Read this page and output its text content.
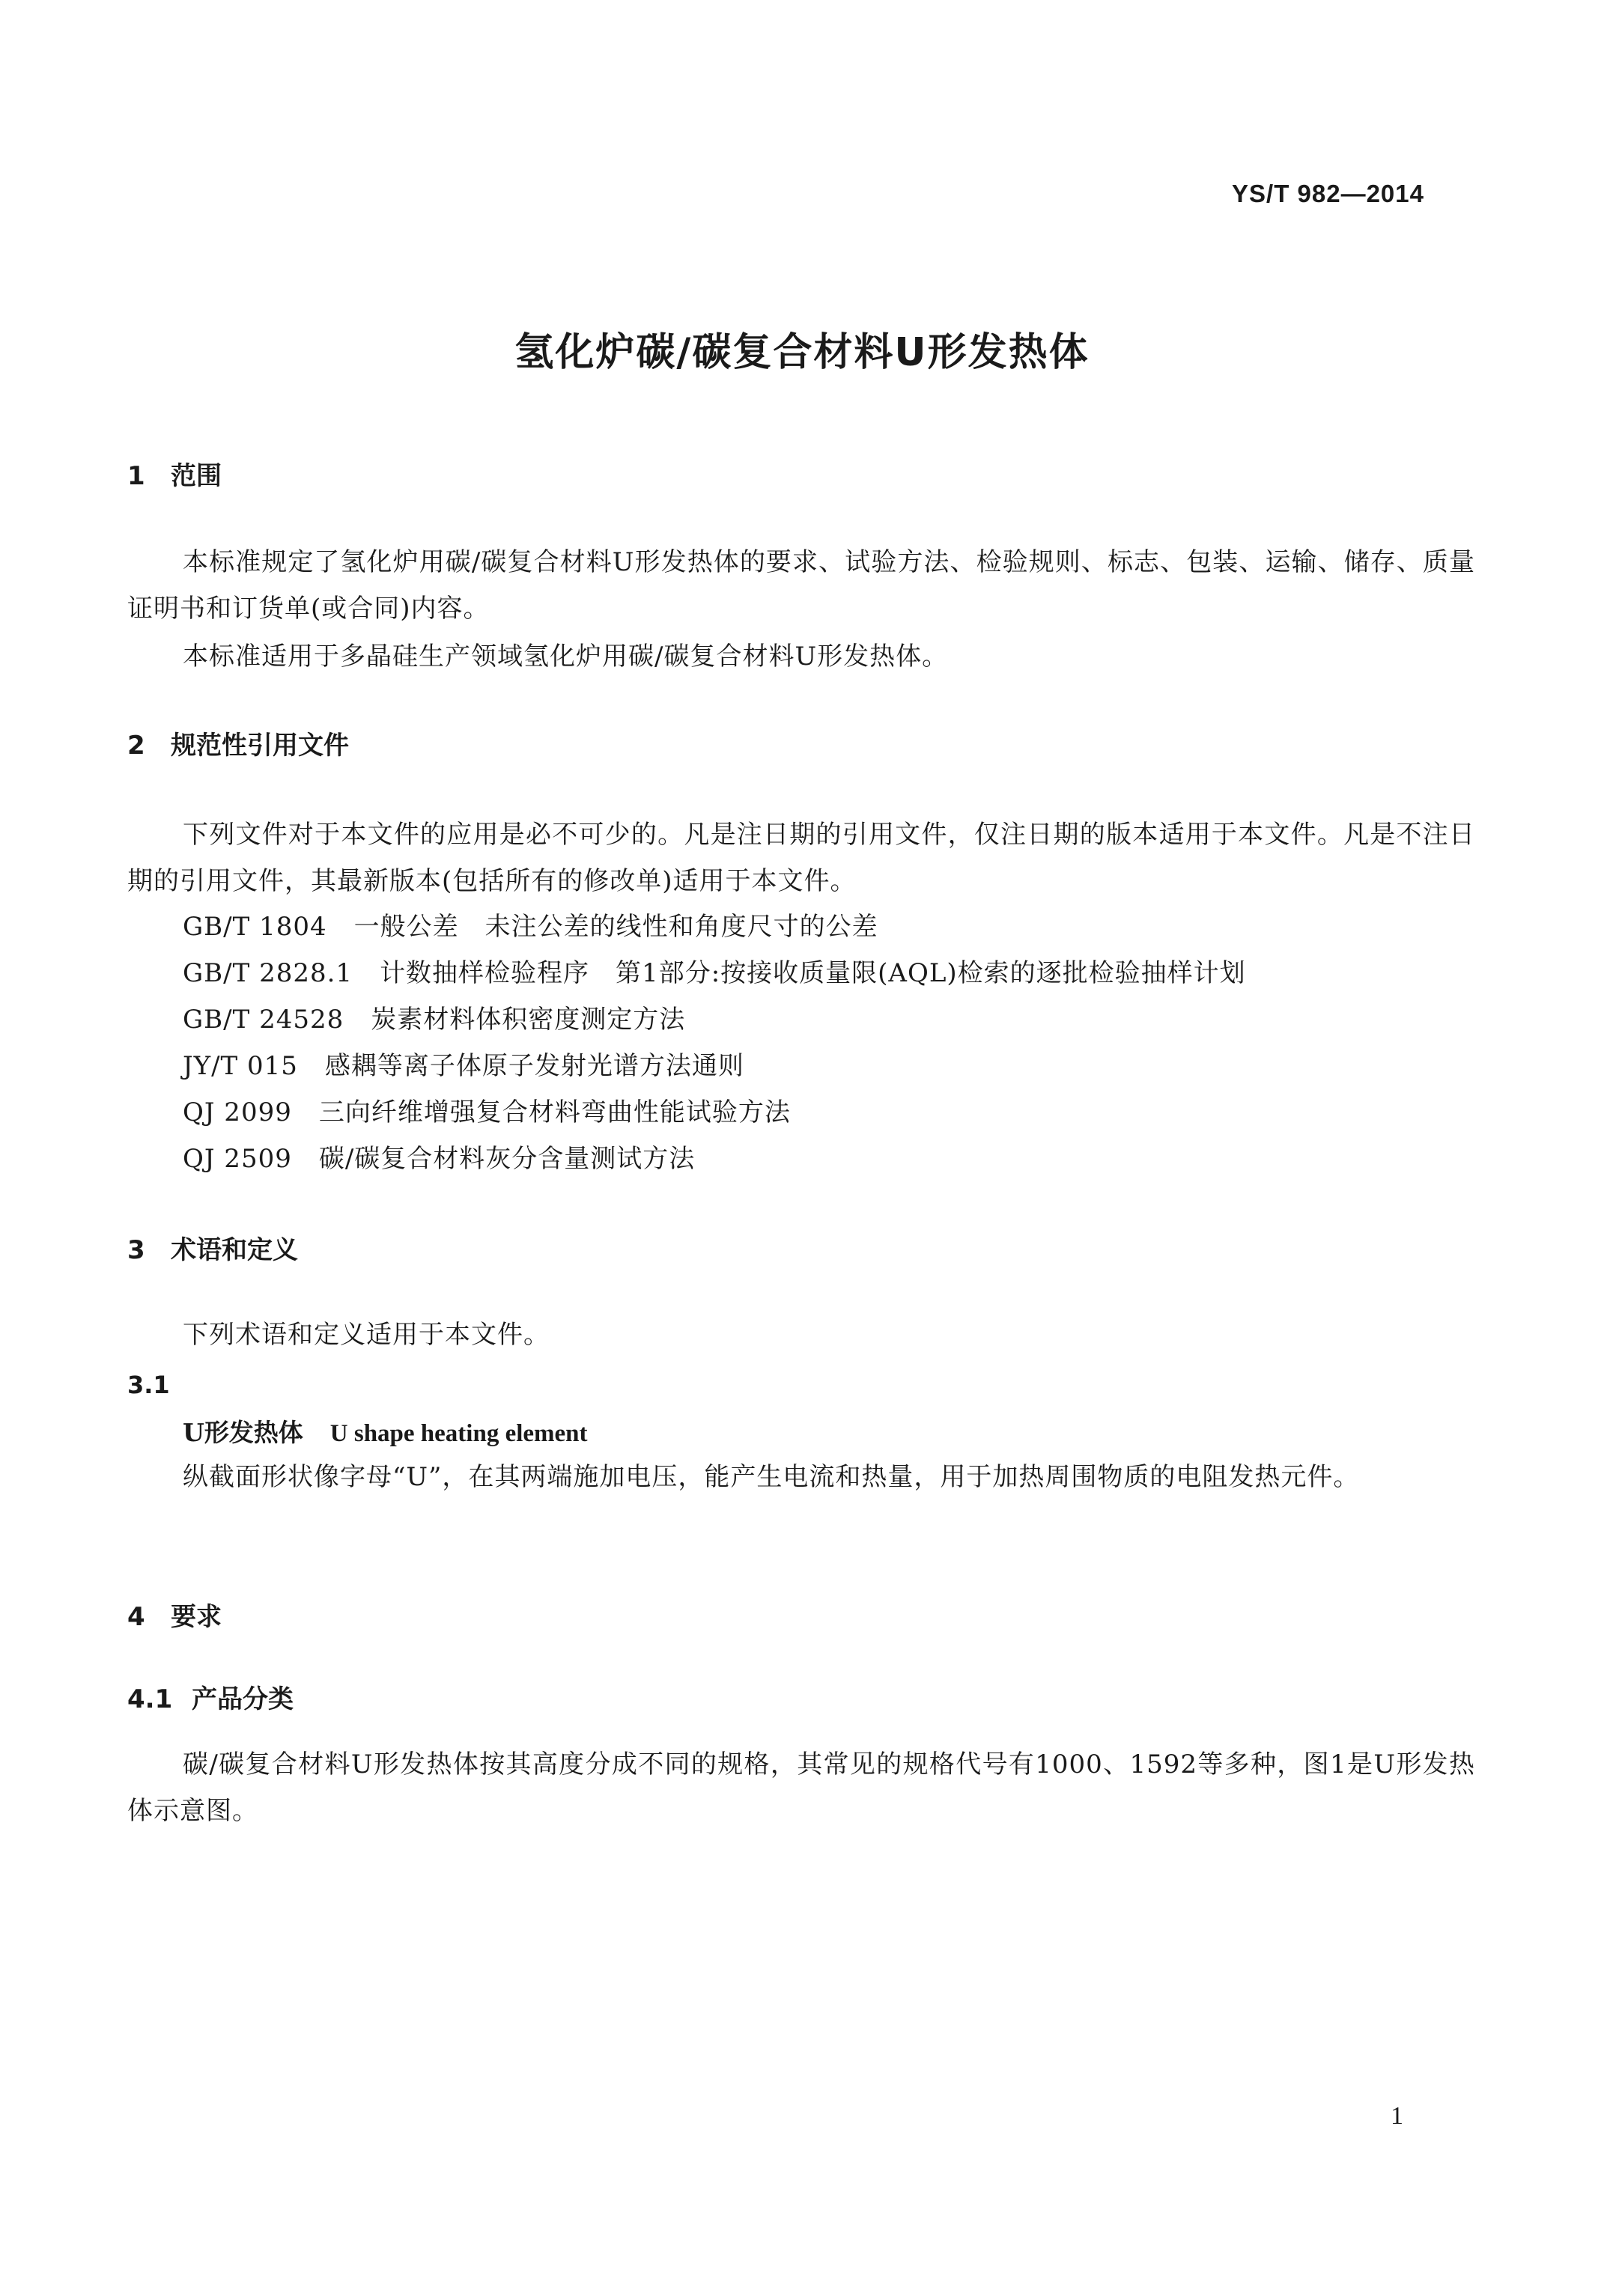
YS/T 982—2014

氢化炉碳/碳复合材料U形发热体
1 范围

本标准规定了氢化炉用碳/碳复合材料U形发热体的要求、试验方法、检验规则、标志、包装、运输、储存、质量证明书和订货单(或合同)内容。

本标准适用于多晶硅生产领域氢化炉用碳/碳复合材料U形发热体。

2 规范性引用文件

下列文件对于本文件的应用是必不可少的。凡是注日期的引用文件，仅注日期的版本适用于本文件。凡是不注日期的引用文件，其最新版本(包括所有的修改单)适用于本文件。

GB/T 1804 一般公差　未注公差的线性和角度尺寸的公差
GB/T 2828.1 计数抽样检验程序　第1部分:按接收质量限(AQL)检索的逐批检验抽样计划
GB/T 24528 炭素材料体积密度测定方法
JY/T 015 感耦等离子体原子发射光谱方法通则
QJ 2099 三向纤维增强复合材料弯曲性能试验方法
QJ 2509 碳/碳复合材料灰分含量测试方法
3 术语和定义

下列术语和定义适用于本文件。

3.1
U形发热体 U shape heating element

纵截面形状像字母“U”，在其两端施加电压，能产生电流和热量，用于加热周围物质的电阻发热元件。

4 要求
4.1 产品分类

碳/碳复合材料U形发热体按其高度分成不同的规格，其常见的规格代号有1000、1592等多种，图1是U形发热体示意图。

1
